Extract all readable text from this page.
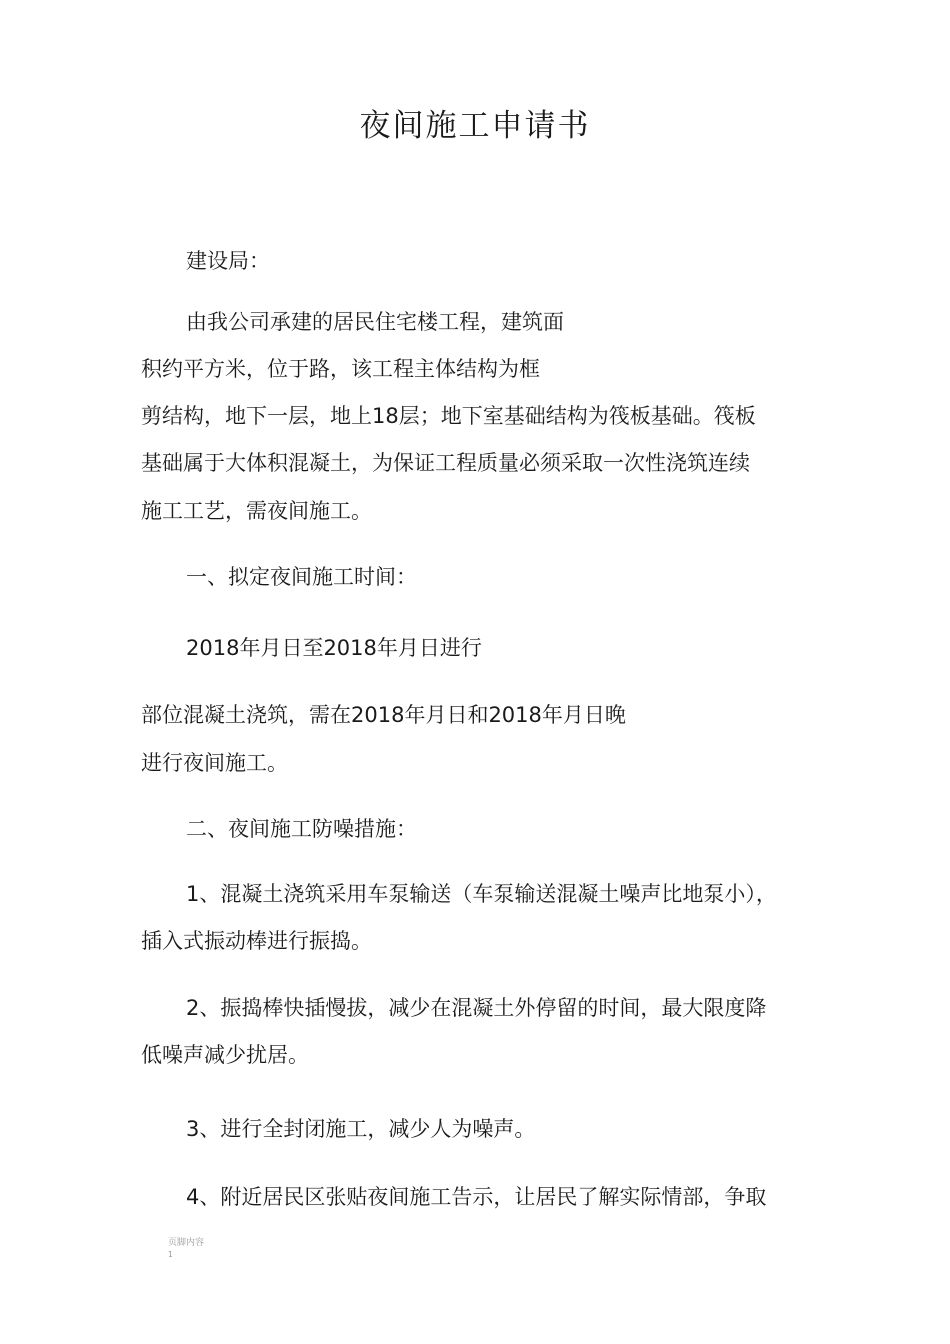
夜间施工申请书
建设局：
由我公司承建的居民住宅楼工程，建筑面
积约平方米，位于路，该工程主体结构为框
剪结构，地下一层，地上18层；地下室基础结构为筏板基础。筏板
基础属于大体积混凝土，为保证工程质量必须采取一次性浇筑连续
施工工艺，需夜间施工。
一、拟定夜间施工时间：
2018年月日至2018年月日进行
部位混凝土浇筑，需在2018年月日和2018年月日晚
进行夜间施工。
二、夜间施工防噪措施：
1、混凝土浇筑采用车泵输送（车泵输送混凝土噪声比地泵小），
插入式振动棒进行振捣。
2、振捣棒快插慢拔，减少在混凝土外停留的时间，最大限度降
低噪声减少扰居。
3、进行全封闭施工，减少人为噪声。
4、附近居民区张贴夜间施工告示，让居民了解实际情部，争取
页脚内容$^1$
